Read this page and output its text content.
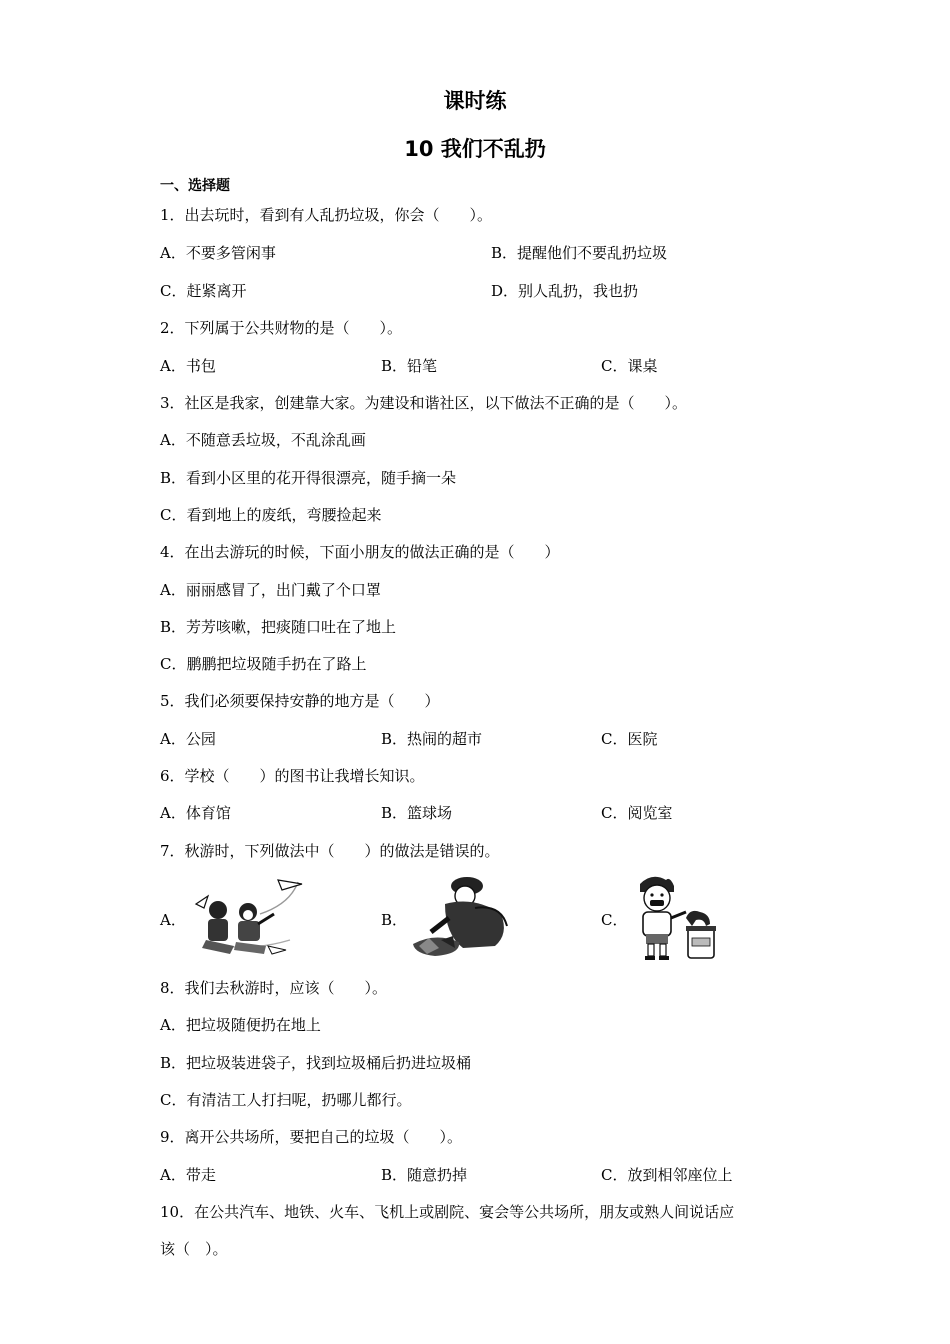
课时练
10 我们不乱扔
一、选择题
1．出去玩时，看到有人乱扔垃圾，你会（　　）。
A．不要多管闲事	B．提醒他们不要乱扔垃圾
C．赶紧离开	D．别人乱扔，我也扔
2．下列属于公共财物的是（　　）。
A．书包	B．铅笔	C．课桌
3．社区是我家，创建靠大家。为建设和谐社区，以下做法不正确的是（　　）。
A．不随意丢垃圾，不乱涂乱画
B．看到小区里的花开得很漂亮，随手摘一朵
C．看到地上的废纸，弯腰捡起来
4．在出去游玩的时候，下面小朋友的做法正确的是（　　）
A．丽丽感冒了，出门戴了个口罩
B．芳芳咳嗽，把痰随口吐在了地上
C．鹏鹏把垃圾随手扔在了路上
5．我们必须要保持安静的地方是（　　）
A．公园	B．热闹的超市	C．医院
6．学校（　　）的图书让我增长知识。
A．体育馆	B．篮球场	C．阅览室
7．秋游时，下列做法中（　　）的做法是错误的。
A．	B．	C．
8．我们去秋游时，应该（　　）。
A．把垃圾随便扔在地上
B．把垃圾装进袋子，找到垃圾桶后扔进垃圾桶
C．有清洁工人打扫呢，扔哪儿都行。
9．离开公共场所，要把自己的垃圾（　　）。
A．带走	B．随意扔掉	C．放到相邻座位上
10．在公共汽车、地铁、火车、飞机上或剧院、宴会等公共场所，朋友或熟人间说话应
该（　）。
